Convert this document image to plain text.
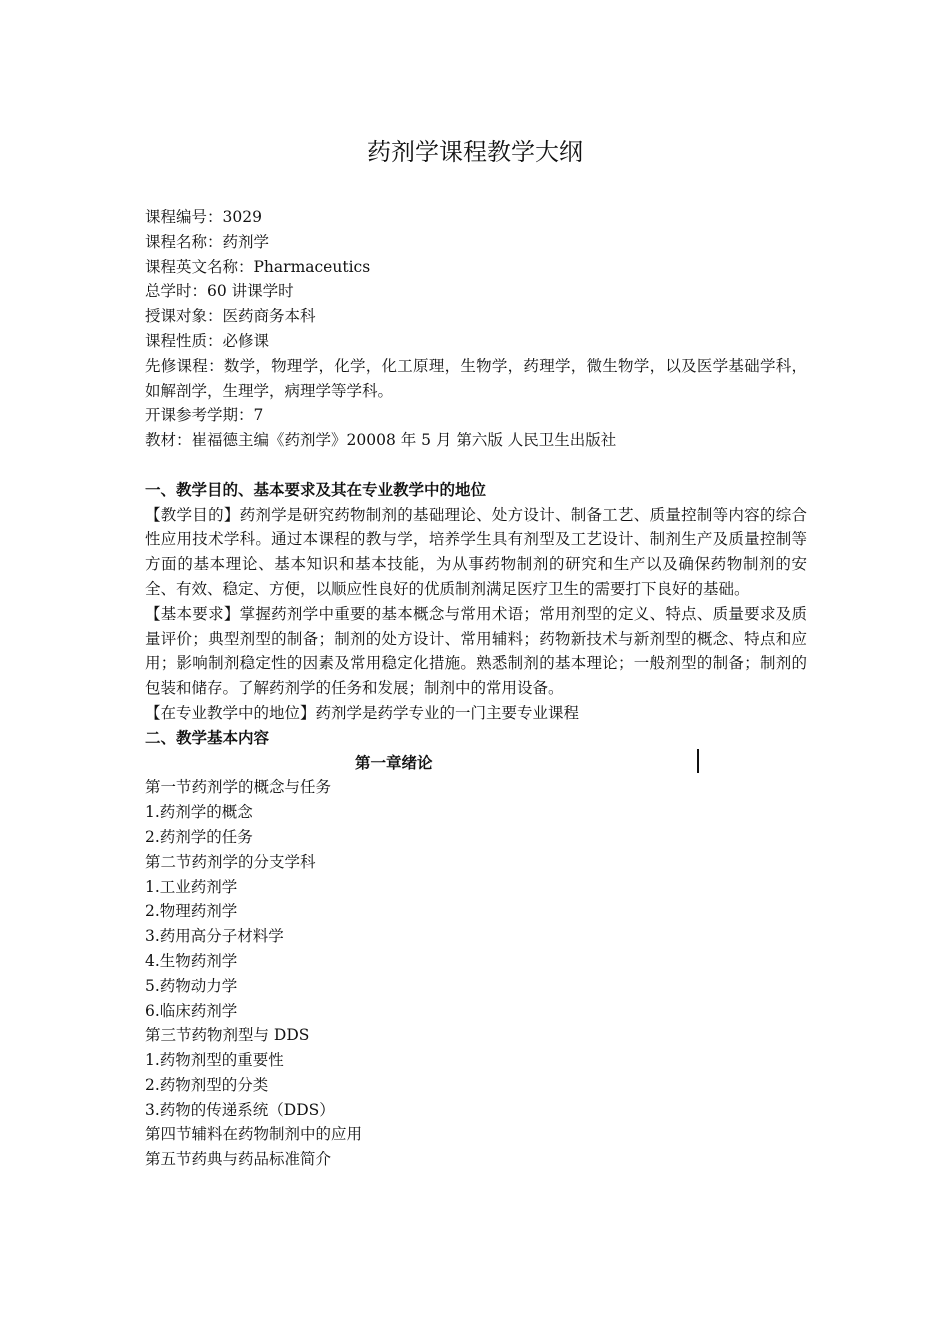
药剂学课程教学大纲
课程编号：3029
课程名称：药剂学
课程英文名称：Pharmaceutics
总学时：60 讲课学时
授课对象：医药商务本科
课程性质：必修课
先修课程：数学，物理学，化学，化工原理，生物学，药理学，微生物学，以及医学基础学科，如解剖学，生理学，病理学等学科。
开课参考学期：7
教材：崔福德主编《药剂学》20008 年 5 月 第六版 人民卫生出版社
一、教学目的、基本要求及其在专业教学中的地位
【教学目的】药剂学是研究药物制剂的基础理论、处方设计、制备工艺、质量控制等内容的综合性应用技术学科。通过本课程的教与学，培养学生具有剂型及工艺设计、制剂生产及质量控制等方面的基本理论、基本知识和基本技能，为从事药物制剂的研究和生产以及确保药物制剂的安全、有效、稳定、方便，以顺应性良好的优质制剂满足医疗卫生的需要打下良好的基础。
【基本要求】掌握药剂学中重要的基本概念与常用术语；常用剂型的定义、特点、质量要求及质量评价；典型剂型的制备；制剂的处方设计、常用辅料；药物新技术与新剂型的概念、特点和应用；影响制剂稳定性的因素及常用稳定化措施。熟悉制剂的基本理论；一般剂型的制备；制剂的包装和储存。了解药剂学的任务和发展；制剂中的常用设备。
【在专业教学中的地位】药剂学是药学专业的一门主要专业课程
二、教学基本内容
第一章绪论
第一节药剂学的概念与任务
1.药剂学的概念
2.药剂学的任务
第二节药剂学的分支学科
1.工业药剂学
2.物理药剂学
3.药用高分子材料学
4.生物药剂学
5.药物动力学
6.临床药剂学
第三节药物剂型与 DDS
1.药物剂型的重要性
2.药物剂型的分类
3.药物的传递系统（DDS）
第四节辅料在药物制剂中的应用
第五节药典与药品标准简介
